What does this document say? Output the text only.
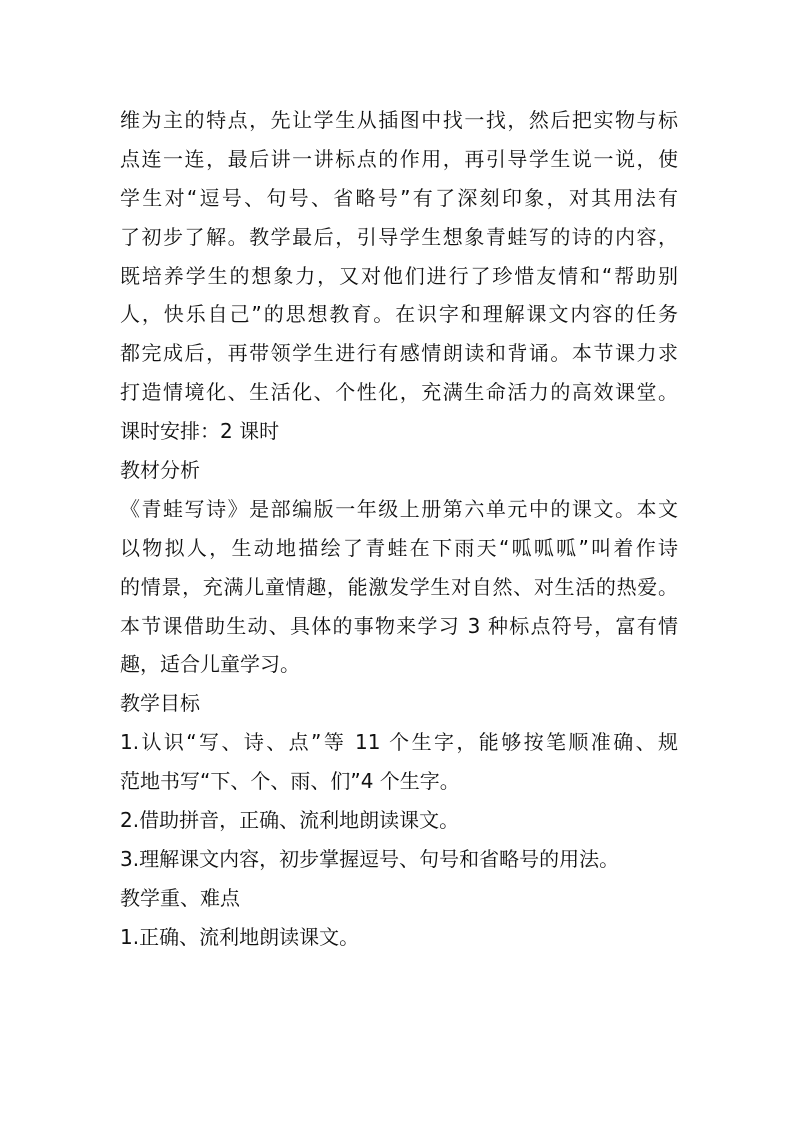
维为主的特点，先让学生从插图中找一找，然后把实物与标
点连一连，最后讲一讲标点的作用，再引导学生说一说，使
学生对“逗号、句号、省略号”有了深刻印象，对其用法有
了初步了解。教学最后，引导学生想象青蛙写的诗的内容，
既培养学生的想象力，又对他们进行了珍惜友情和“帮助别
人，快乐自己”的思想教育。在识字和理解课文内容的任务
都完成后，再带领学生进行有感情朗读和背诵。本节课力求
打造情境化、生活化、个性化，充满生命活力的高效课堂。
课时安排：2 课时
教材分析
《青蛙写诗》是部编版一年级上册第六单元中的课文。本文
以物拟人，生动地描绘了青蛙在下雨天“呱呱呱”叫着作诗
的情景，充满儿童情趣，能激发学生对自然、对生活的热爱。
本节课借助生动、具体的事物来学习 3 种标点符号，富有情
趣，适合儿童学习。
教学目标
1.认识“写、诗、点”等 11 个生字，能够按笔顺准确、规
范地书写“下、个、雨、们”4 个生字。
2.借助拼音，正确、流利地朗读课文。
3.理解课文内容，初步掌握逗号、句号和省略号的用法。
教学重、难点
1.正确、流利地朗读课文。
